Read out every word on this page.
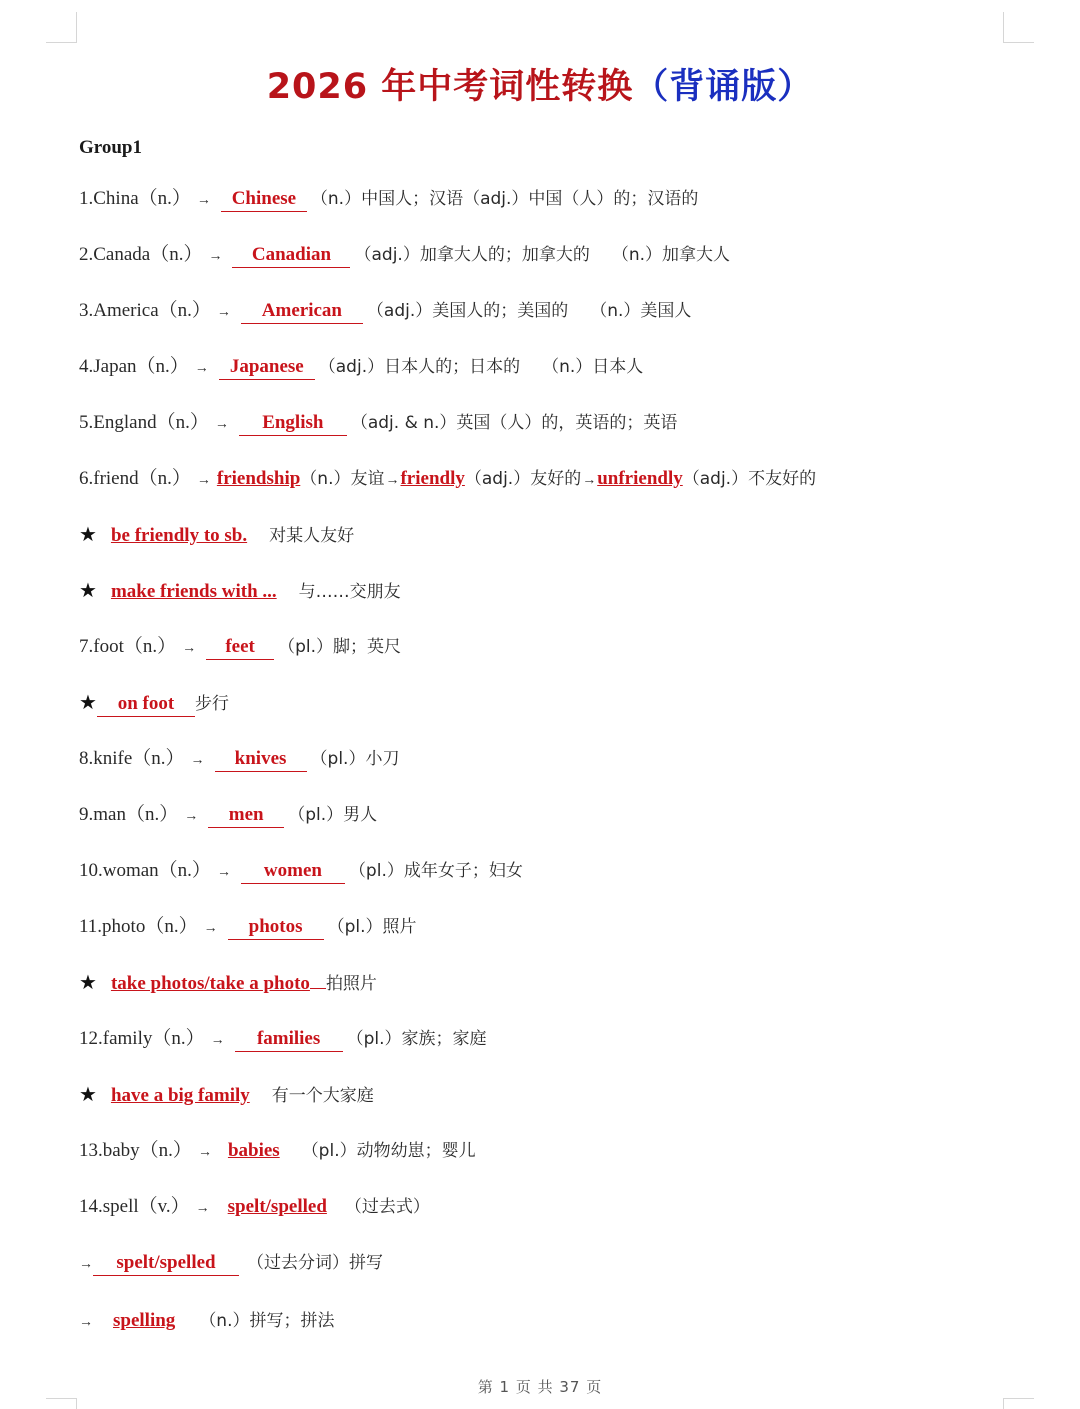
2026 年中考词性转换（背诵版）
Group1
1.China（n.） → Chinese （n.）中国人；汉语（adj.）中国（人）的；汉语的
2.Canada（n.） → Canadian （adj.）加拿大人的；加拿大的 （n.）加拿大人
3.America（n.） → American （adj.）美国人的；美国的 （n.）美国人
4.Japan（n.） → Japanese （adj.）日本人的；日本的 （n.）日本人
5.England（n.） → English （adj. & n.）英国（人）的，英语的；英语
6.friend（n.） → friendship（n.）友谊→friendly（adj.）友好的→unfriendly（adj.）不友好的
★ be friendly to sb. 对某人友好
★ make friends with ... 与……交朋友
7.foot（n.） → feet （pl.）脚；英尺
★ on foot 步行
8.knife（n.） → knives （pl.）小刀
9.man（n.） → men （pl.）男人
10.woman（n.） → women （pl.）成年女子；妇女
11.photo（n.） → photos （pl.）照片
★ take photos/take a photo 拍照片
12.family（n.） → families （pl.）家族；家庭
★ have a big family 有一个大家庭
13.baby（n.） → babies （pl.）动物幼崽；婴儿
14.spell（v.） → spelt/spelled （过去式）
→ spelt/spelled （过去分词）拼写
→ spelling （n.）拼写；拼法
第 1 页 共 37 页
